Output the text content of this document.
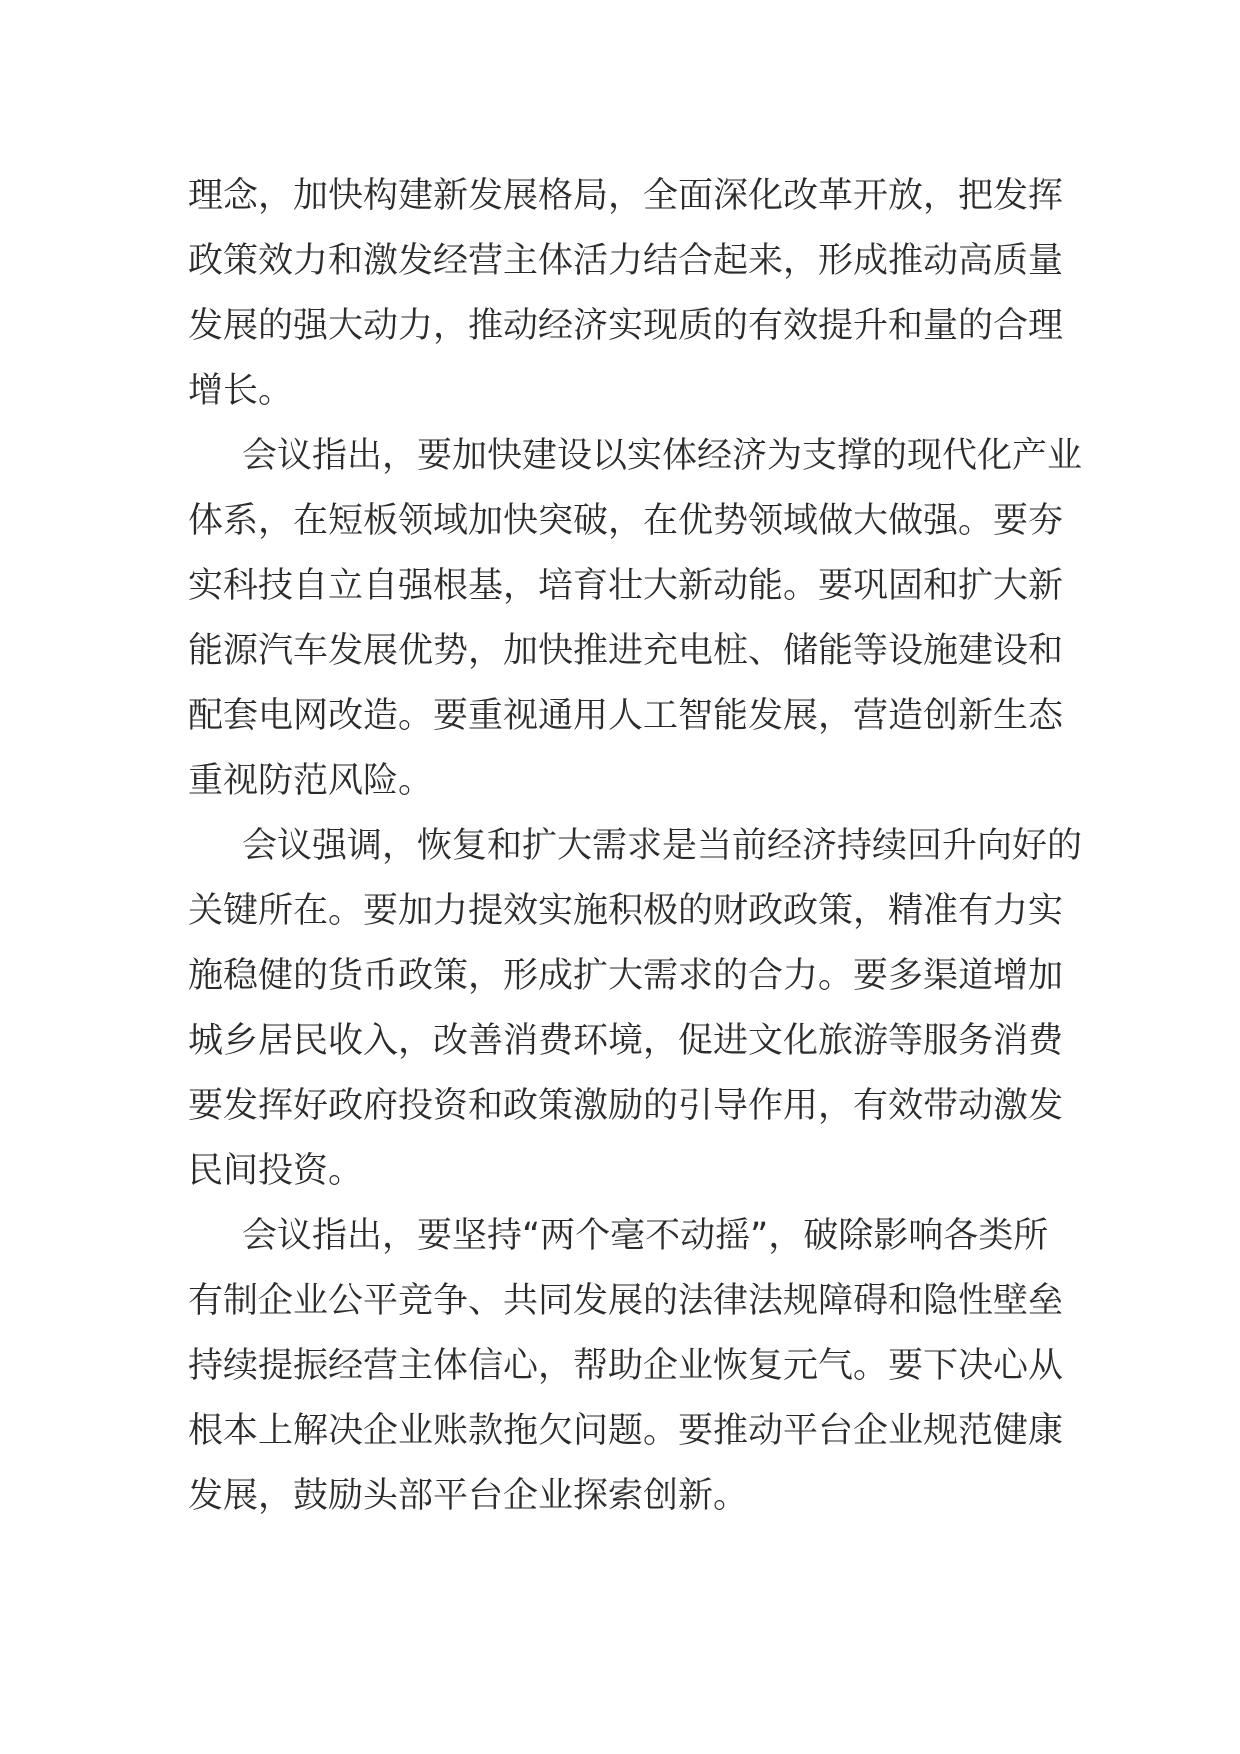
理念，加快构建新发展格局，全面深化改革开放，把发挥
政策效力和激发经营主体活力结合起来，形成推动高质量
发展的强大动力，推动经济实现质的有效提升和量的合理
增长。
会议指出，要加快建设以实体经济为支撑的现代化产业
体系，在短板领域加快突破，在优势领域做大做强。要夯
实科技自立自强根基，培育壮大新动能。要巩固和扩大新
能源汽车发展优势，加快推进充电桩、储能等设施建设和
配套电网改造。要重视通用人工智能发展，营造创新生态
重视防范风险。
会议强调，恢复和扩大需求是当前经济持续回升向好的
关键所在。要加力提效实施积极的财政政策，精准有力实
施稳健的货币政策，形成扩大需求的合力。要多渠道增加
城乡居民收入，改善消费环境，促进文化旅游等服务消费
要发挥好政府投资和政策激励的引导作用，有效带动激发
民间投资。
会议指出，要坚持“两个毫不动摇”，破除影响各类所
有制企业公平竞争、共同发展的法律法规障碍和隐性壁垒
持续提振经营主体信心，帮助企业恢复元气。要下决心从
根本上解决企业账款拖欠问题。要推动平台企业规范健康
发展，鼓励头部平台企业探索创新。
